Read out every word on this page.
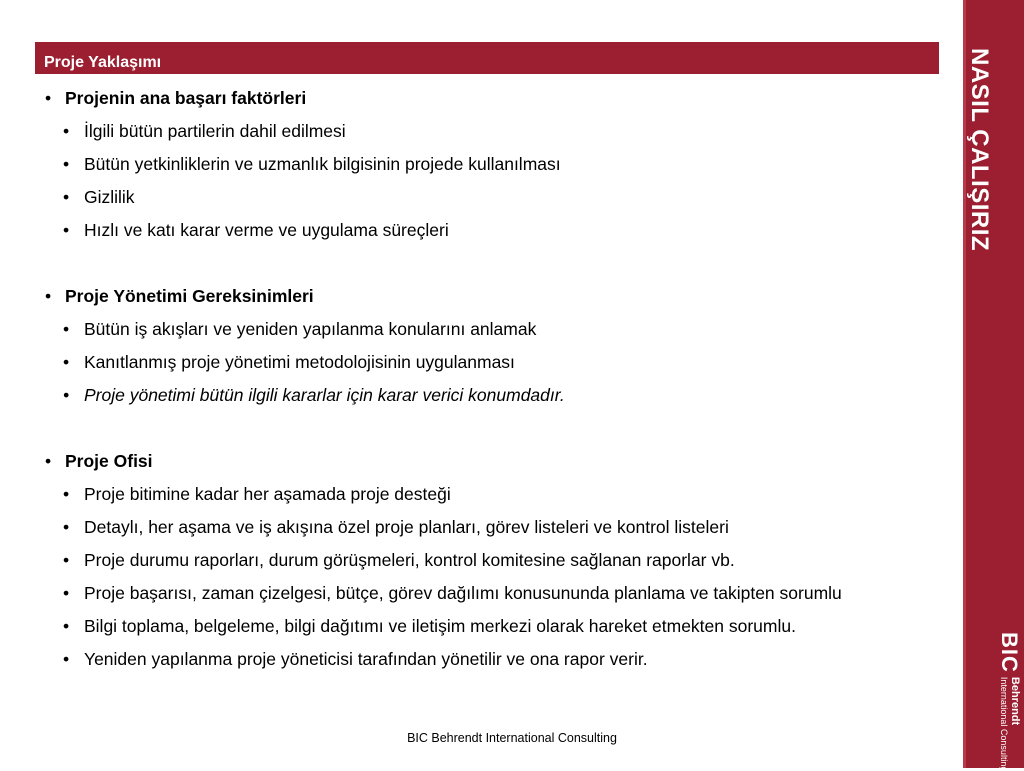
NASIL ÇALIŞIRIZ
BIC
Behrendt
International Consulting
Proje Yaklaşımı
• Projenin ana başarı faktörleri
• İlgili bütün partilerin dahil edilmesi
• Bütün yetkinliklerin ve uzmanlık bilgisinin projede kullanılması
• Gizlilik
• Hızlı ve katı karar verme ve uygulama süreçleri
• Proje Yönetimi Gereksinimleri
• Bütün iş akışları ve yeniden yapılanma konularını anlamak
• Kanıtlanmış proje yönetimi metodolojisinin uygulanması
• Proje yönetimi bütün ilgili kararlar için karar verici konumdadır.
• Proje Ofisi
• Proje bitimine kadar her aşamada proje desteği
• Detaylı, her aşama ve iş akışına özel proje planları, görev listeleri ve kontrol listeleri
• Proje durumu raporları, durum görüşmeleri, kontrol komitesine sağlanan raporlar vb.
• Proje başarısı, zaman çizelgesi, bütçe, görev dağılımı konusununda planlama ve takipten sorumlu
• Bilgi toplama, belgeleme, bilgi dağıtımı ve iletişim merkezi olarak hareket etmekten sorumlu.
• Yeniden yapılanma proje yöneticisi tarafından yönetilir ve ona rapor verir.
BIC Behrendt International Consulting
